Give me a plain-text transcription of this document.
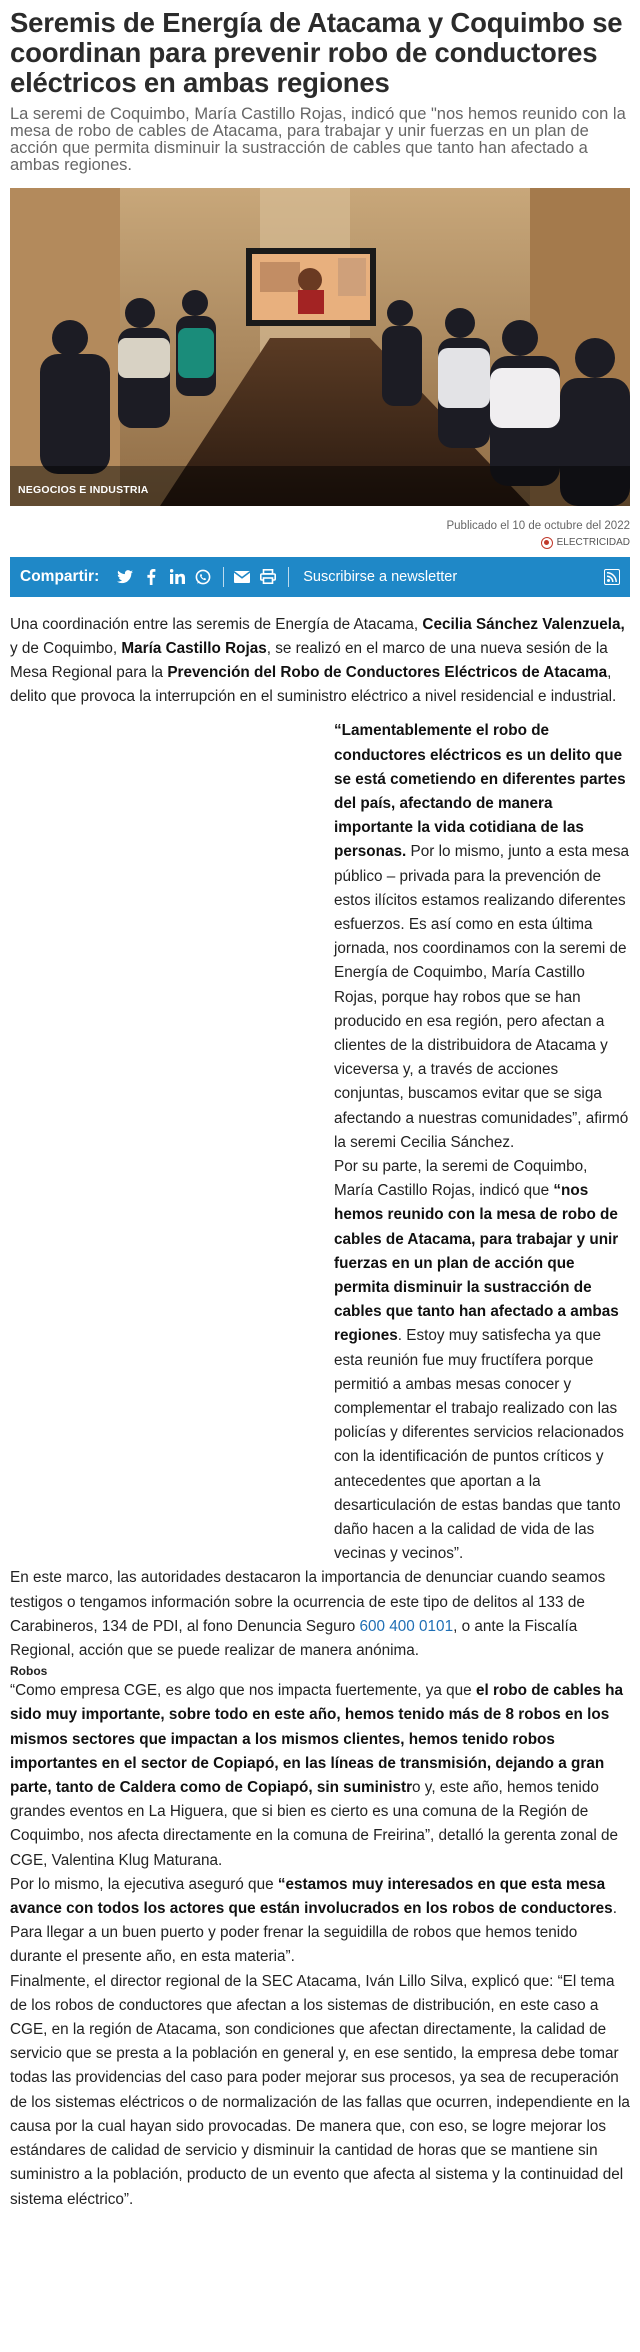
Seremis de Energía de Atacama y Coquimbo se coordinan para prevenir robo de conductores eléctricos en ambas regiones

La seremi de Coquimbo, María Castillo Rojas, indicó que "nos hemos reunido con la mesa de robo de cables de Atacama, para trabajar y unir fuerzas en un plan de acción que permita disminuir la sustracción de cables que tanto han afectado a ambas regiones.

NEGOCIOS E INDUSTRIA
Publicado el 10 de octubre del 2022
ELECTRICIDAD
Compartir:	Suscribirse a newsletter

Una coordinación entre las seremis de Energía de Atacama, Cecilia Sánchez Valenzuela, y de Coquimbo, María Castillo Rojas, se realizó en el marco de una nueva sesión de la Mesa Regional para la Prevención del Robo de Conductores Eléctricos de Atacama, delito que provoca la interrupción en el suministro eléctrico a nivel residencial e industrial.

“Lamentablemente el robo de conductores eléctricos es un delito que se está cometiendo en diferentes partes del país, afectando de manera importante la vida cotidiana de las personas. Por lo mismo, junto a esta mesa público – privada para la prevención de estos ilícitos estamos realizando diferentes esfuerzos. Es así como en esta última jornada, nos coordinamos con la seremi de Energía de Coquimbo, María Castillo Rojas, porque hay robos que se han producido en esa región, pero afectan a clientes de la distribuidora de Atacama y viceversa y, a través de acciones conjuntas, buscamos evitar que se siga afectando a nuestras comunidades”, afirmó la seremi Cecilia Sánchez.

Por su parte, la seremi de Coquimbo, María Castillo Rojas, indicó que “nos hemos reunido con la mesa de robo de cables de Atacama, para trabajar y unir fuerzas en un plan de acción que permita disminuir la sustracción de cables que tanto han afectado a ambas regiones. Estoy muy satisfecha ya que esta reunión fue muy fructífera porque permitió a ambas mesas conocer y complementar el trabajo realizado con las policías y diferentes servicios relacionados con la identificación de puntos críticos y antecedentes que aportan a la desarticulación de estas bandas que tanto daño hacen a la calidad de vida de las vecinas y vecinos”.

En este marco, las autoridades destacaron la importancia de denunciar cuando seamos testigos o tengamos información sobre la ocurrencia de este tipo de delitos al 133 de Carabineros, 134 de PDI, al fono Denuncia Seguro 600 400 0101, o ante la Fiscalía Regional, acción que se puede realizar de manera anónima.

Robos

“Como empresa CGE, es algo que nos impacta fuertemente, ya que el robo de cables ha sido muy importante, sobre todo en este año, hemos tenido más de 8 robos en los mismos sectores que impactan a los mismos clientes, hemos tenido robos importantes en el sector de Copiapó, en las líneas de transmisión, dejando a gran parte, tanto de Caldera como de Copiapó, sin suministro y, este año, hemos tenido grandes eventos en La Higuera, que si bien es cierto es una comuna de la Región de Coquimbo, nos afecta directamente en la comuna de Freirina”, detalló la gerenta zonal de CGE, Valentina Klug Maturana.

Por lo mismo, la ejecutiva aseguró que “estamos muy interesados en que esta mesa avance con todos los actores que están involucrados en los robos de conductores. Para llegar a un buen puerto y poder frenar la seguidilla de robos que hemos tenido durante el presente año, en esta materia”.

Finalmente, el director regional de la SEC Atacama, Iván Lillo Silva, explicó que: “El tema de los robos de conductores que afectan a los sistemas de distribución, en este caso a CGE, en la región de Atacama, son condiciones que afectan directamente, la calidad de servicio que se presta a la población en general y, en ese sentido, la empresa debe tomar todas las providencias del caso para poder mejorar sus procesos, ya sea de recuperación de los sistemas eléctricos o de normalización de las fallas que ocurren, independiente en la causa por la cual hayan sido provocadas. De manera que, con eso, se logre mejorar los estándares de calidad de servicio y disminuir la cantidad de horas que se mantiene sin suministro a la población, producto de un evento que afecta al sistema y la continuidad del sistema eléctrico”.
